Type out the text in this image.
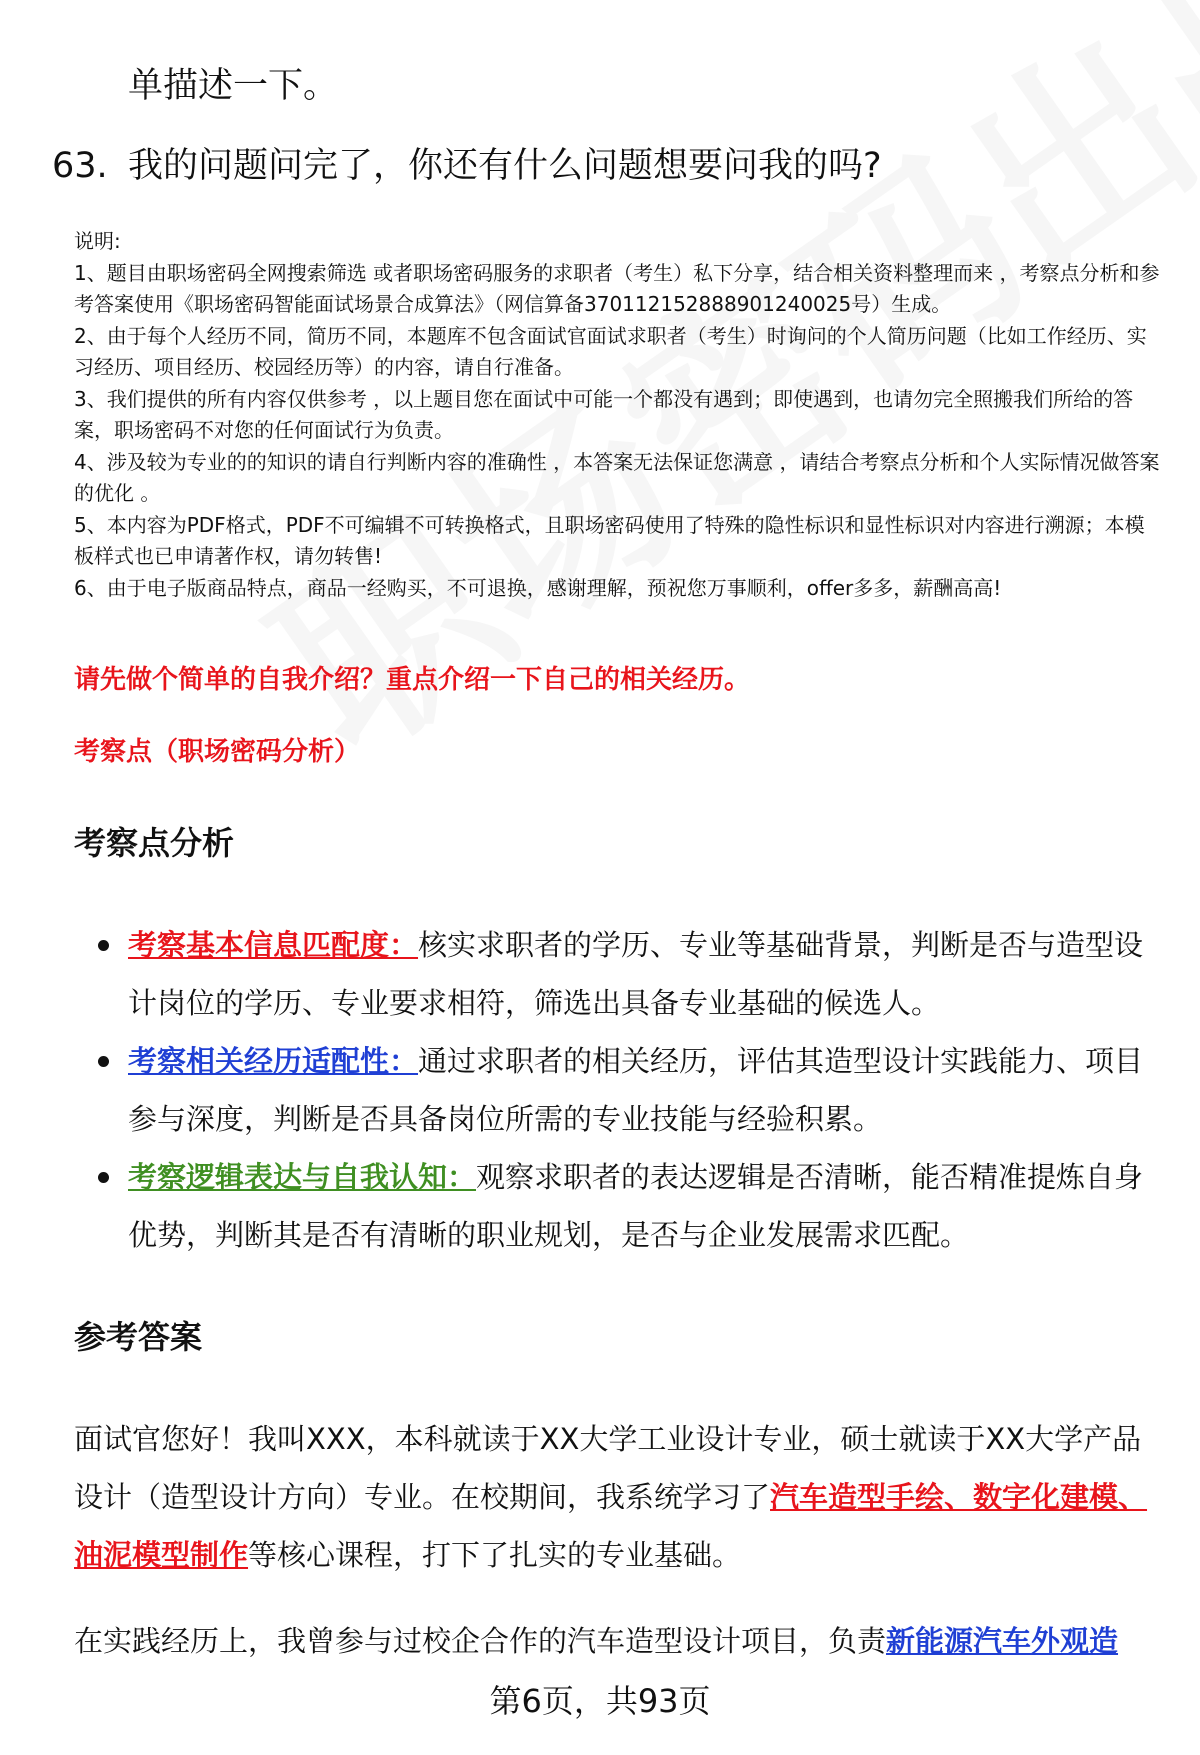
单描述一下。
63. 我的问题问完了，你还有什么问题想要问我的吗?

说明:

1、题目由职场密码全网搜索筛选 或者职场密码服务的求职者（考生）私下分享，结合相关资料整理而来 ，考察点分析和参考答案使用《职场密码智能面试场景合成算法》（网信算备370112152888901240025号）生成。

2、由于每个人经历不同，简历不同，本题库不包含面试官面试求职者（考生）时询问的个人简历问题（比如工作经历、实习经历、项目经历、校园经历等）的内容，请自行准备。

3、我们提供的所有内容仅供参考 ，以上题目您在面试中可能一个都没有遇到；即使遇到，也请勿完全照搬我们所给的答案，职场密码不对您的任何面试行为负责。

4、涉及较为专业的的知识的请自行判断内容的准确性 ，本答案无法保证您满意 ，请结合考察点分析和个人实际情况做答案的优化 。

5、本内容为PDF格式，PDF不可编辑不可转换格式，且职场密码使用了特殊的隐性标识和显性标识对内容进行溯源；本模板样式也已申请著作权，请勿转售!

6、由于电子版商品特点，商品一经购买，不可退换，感谢理解，预祝您万事顺利，offer多多，薪酬高高!

请先做个简单的自我介绍？重点介绍一下自己的相关经历。
考察点（职场密码分析）
考察点分析
考察基本信息匹配度：核实求职者的学历、专业等基础背景，判断是否与造型设计岗位的学历、专业要求相符，筛选出具备专业基础的候选人。
考察相关经历适配性：通过求职者的相关经历，评估其造型设计实践能力、项目参与深度，判断是否具备岗位所需的专业技能与经验积累。
考察逻辑表达与自我认知：观察求职者的表达逻辑是否清晰，能否精准提炼自身优势，判断其是否有清晰的职业规划，是否与企业发展需求匹配。
参考答案
面试官您好！我叫XXX，本科就读于XX大学工业设计专业，硕士就读于XX大学产品设计（造型设计方向）专业。在校期间，我系统学习了汽车造型手绘、数字化建模、油泥模型制作等核心课程，打下了扎实的专业基础。
在实践经历上，我曾参与过校企合作的汽车造型设计项目，负责新能源汽车外观造
第6页，共93页
